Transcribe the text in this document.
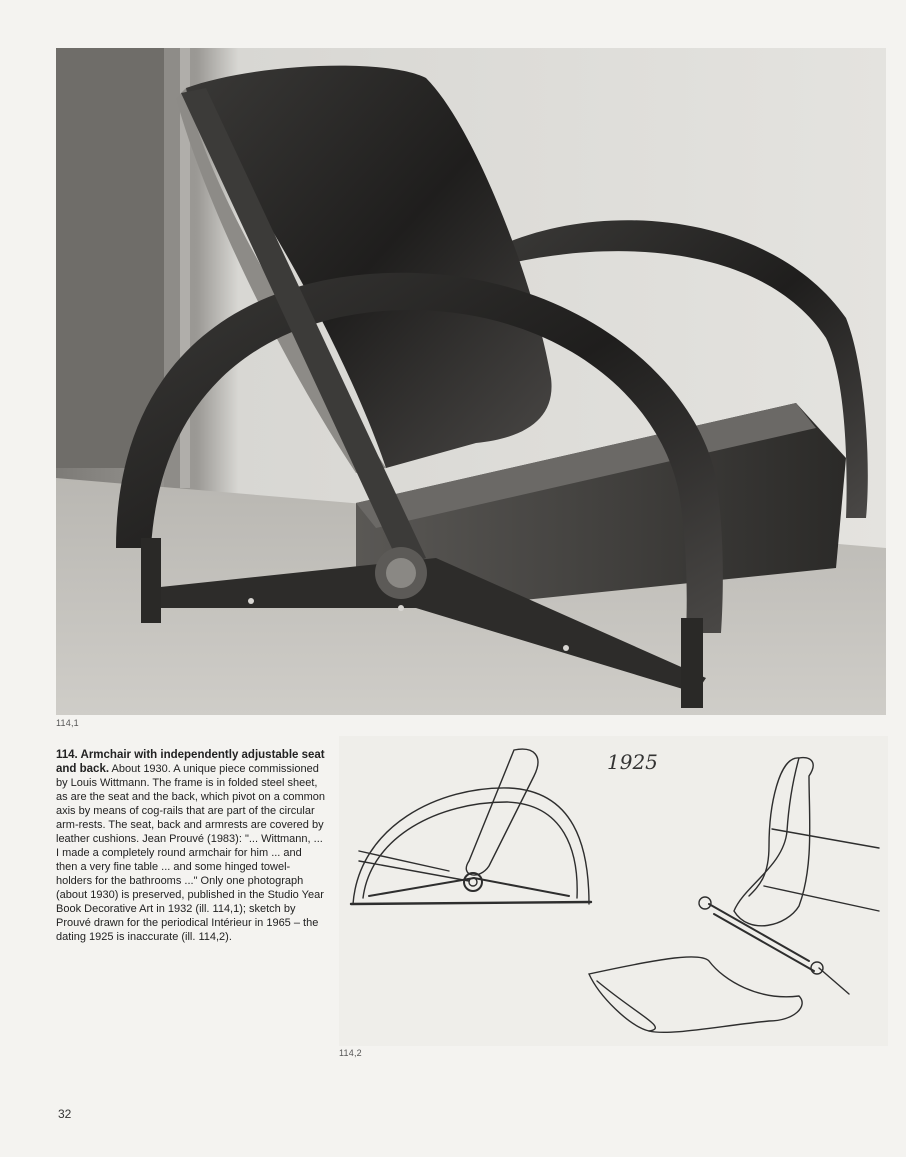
114,1
114. Armchair with independently adjustable seat and back. About 1930. A unique piece commissioned by Louis Wittmann. The frame is in folded steel sheet, as are the seat and the back, which pivot on a common axis by means of cog-rails that are part of the circular arm-rests. The seat, back and armrests are covered by leather cushions. Jean Prouvé (1983): "... Wittmann, ... I made a completely round armchair for him ... and then a very fine table ... and some hinged towel-holders for the bathrooms ..." Only one photograph (about 1930) is preserved, published in the Studio Year Book Decorative Art in 1932 (ill. 114,1); sketch by Prouvé drawn for the periodical Intérieur in 1965 – the dating 1925 is inaccurate (ill. 114,2).
1925
114,2
32
